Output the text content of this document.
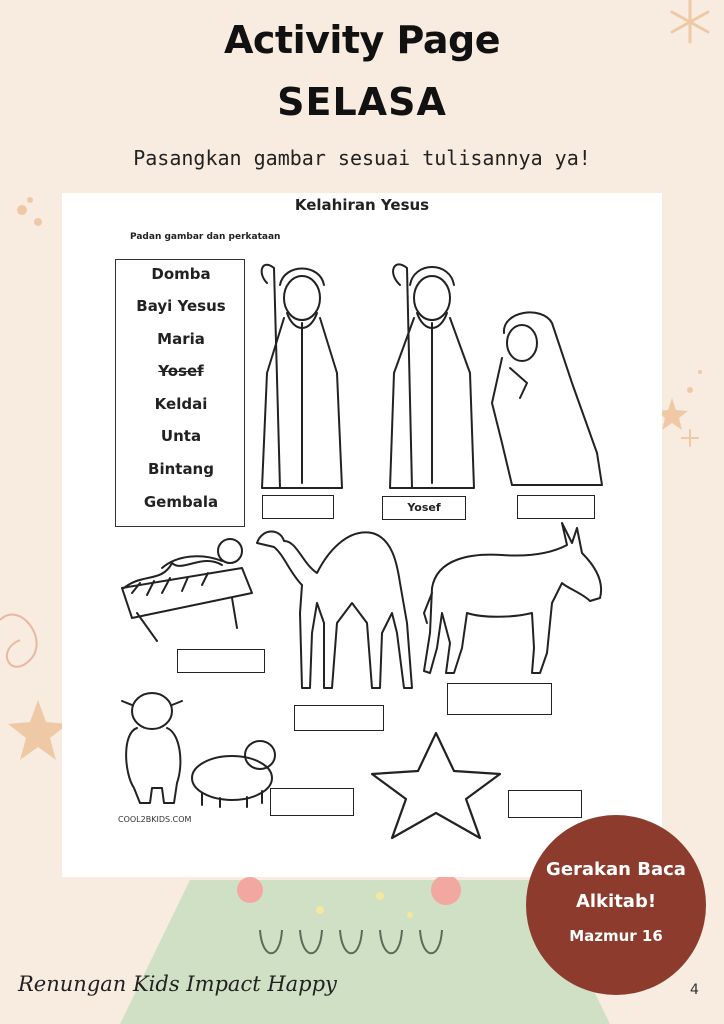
Activity Page
SELASA
Pasangkan gambar sesuai tulisannya ya!
Kelahiran Yesus
Padan gambar dan perkataan
Domba
Bayi Yesus
Maria
Yosef
Keldai
Unta
Bintang
Gembala	Yosef
COOL2BKIDS.COM
Gerakan Baca
Alkitab!
Mazmur 16
Renungan Kids Impact Happy	4
